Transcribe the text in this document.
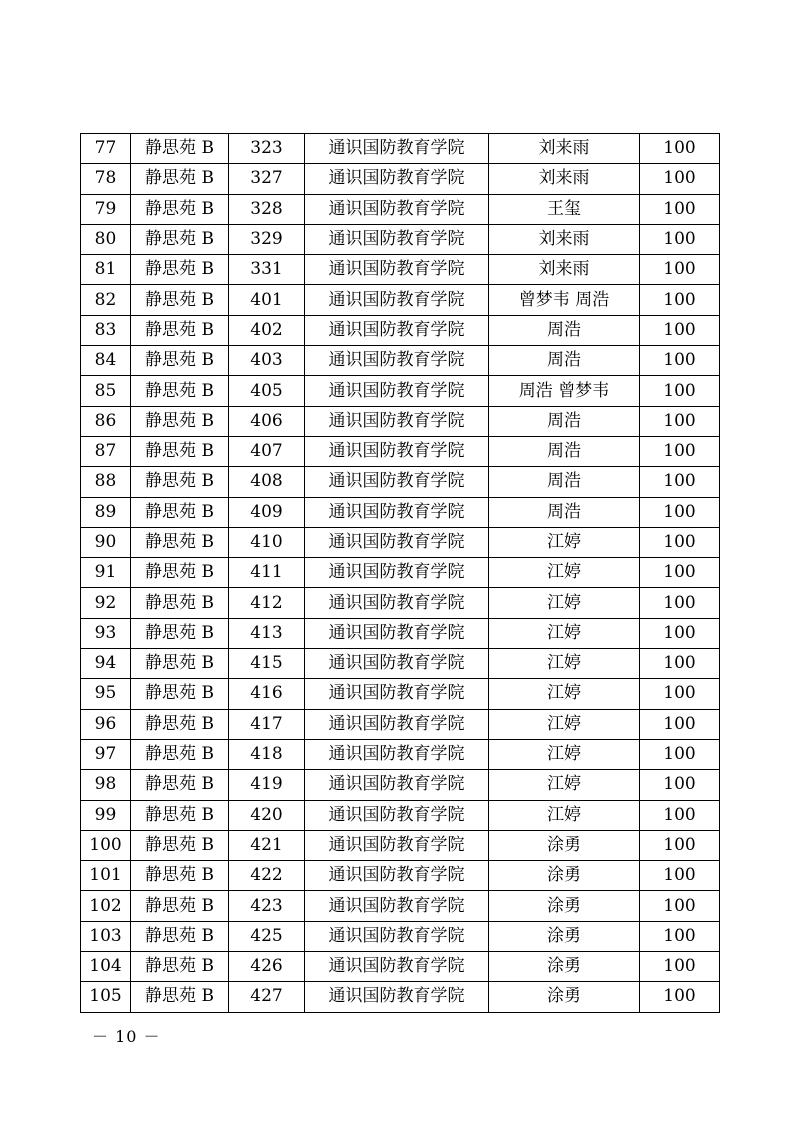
77	静思苑 B	323	通识国防教育学院	刘来雨	100
78	静思苑 B	327	通识国防教育学院	刘来雨	100
79	静思苑 B	328	通识国防教育学院	王玺	100
80	静思苑 B	329	通识国防教育学院	刘来雨	100
81	静思苑 B	331	通识国防教育学院	刘来雨	100
82	静思苑 B	401	通识国防教育学院	曾梦韦 周浩	100
83	静思苑 B	402	通识国防教育学院	周浩	100
84	静思苑 B	403	通识国防教育学院	周浩	100
85	静思苑 B	405	通识国防教育学院	周浩 曾梦韦	100
86	静思苑 B	406	通识国防教育学院	周浩	100
87	静思苑 B	407	通识国防教育学院	周浩	100
88	静思苑 B	408	通识国防教育学院	周浩	100
89	静思苑 B	409	通识国防教育学院	周浩	100
90	静思苑 B	410	通识国防教育学院	江婷	100
91	静思苑 B	411	通识国防教育学院	江婷	100
92	静思苑 B	412	通识国防教育学院	江婷	100
93	静思苑 B	413	通识国防教育学院	江婷	100
94	静思苑 B	415	通识国防教育学院	江婷	100
95	静思苑 B	416	通识国防教育学院	江婷	100
96	静思苑 B	417	通识国防教育学院	江婷	100
97	静思苑 B	418	通识国防教育学院	江婷	100
98	静思苑 B	419	通识国防教育学院	江婷	100
99	静思苑 B	420	通识国防教育学院	江婷	100
100	静思苑 B	421	通识国防教育学院	涂勇	100
101	静思苑 B	422	通识国防教育学院	涂勇	100
102	静思苑 B	423	通识国防教育学院	涂勇	100
103	静思苑 B	425	通识国防教育学院	涂勇	100
104	静思苑 B	426	通识国防教育学院	涂勇	100
105	静思苑 B	427	通识国防教育学院	涂勇	100
－ 10 －
